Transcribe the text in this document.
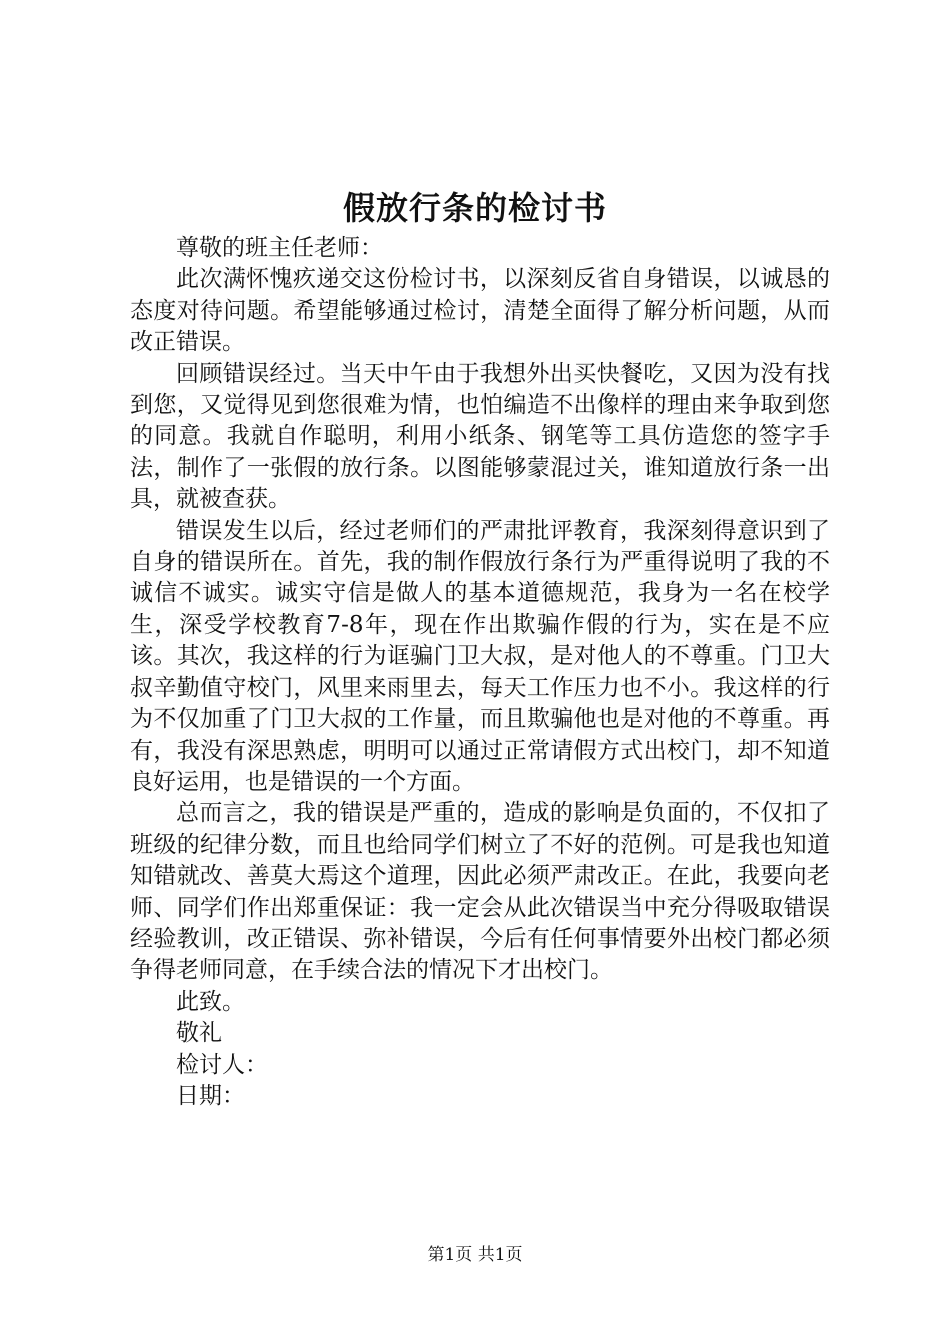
假放行条的检讨书

尊敬的班主任老师：

此次满怀愧疚递交这份检讨书，以深刻反省自身错误，以诚恳的态度对待问题。希望能够通过检讨，清楚全面得了解分析问题，从而改正错误。

回顾错误经过。当天中午由于我想外出买快餐吃，又因为没有找到您，又觉得见到您很难为情，也怕编造不出像样的理由来争取到您的同意。我就自作聪明，利用小纸条、钢笔等工具仿造您的签字手法，制作了一张假的放行条。以图能够蒙混过关，谁知道放行条一出具，就被查获。

错误发生以后，经过老师们的严肃批评教育，我深刻得意识到了自身的错误所在。首先，我的制作假放行条行为严重得说明了我的不诚信不诚实。诚实守信是做人的基本道德规范，我身为一名在校学生，深受学校教育7-8年，现在作出欺骗作假的行为，实在是不应该。其次，我这样的行为诓骗门卫大叔，是对他人的不尊重。门卫大叔辛勤值守校门，风里来雨里去，每天工作压力也不小。我这样的行为不仅加重了门卫大叔的工作量，而且欺骗他也是对他的不尊重。再有，我没有深思熟虑，明明可以通过正常请假方式出校门，却不知道良好运用，也是错误的一个方面。

总而言之，我的错误是严重的，造成的影响是负面的，不仅扣了班级的纪律分数，而且也给同学们树立了不好的范例。可是我也知道知错就改、善莫大焉这个道理，因此必须严肃改正。在此，我要向老师、同学们作出郑重保证：我一定会从此次错误当中充分得吸取错误经验教训，改正错误、弥补错误，今后有任何事情要外出校门都必须争得老师同意，在手续合法的情况下才出校门。

此致。

敬礼

检讨人：

日期：

第1页 共1页
